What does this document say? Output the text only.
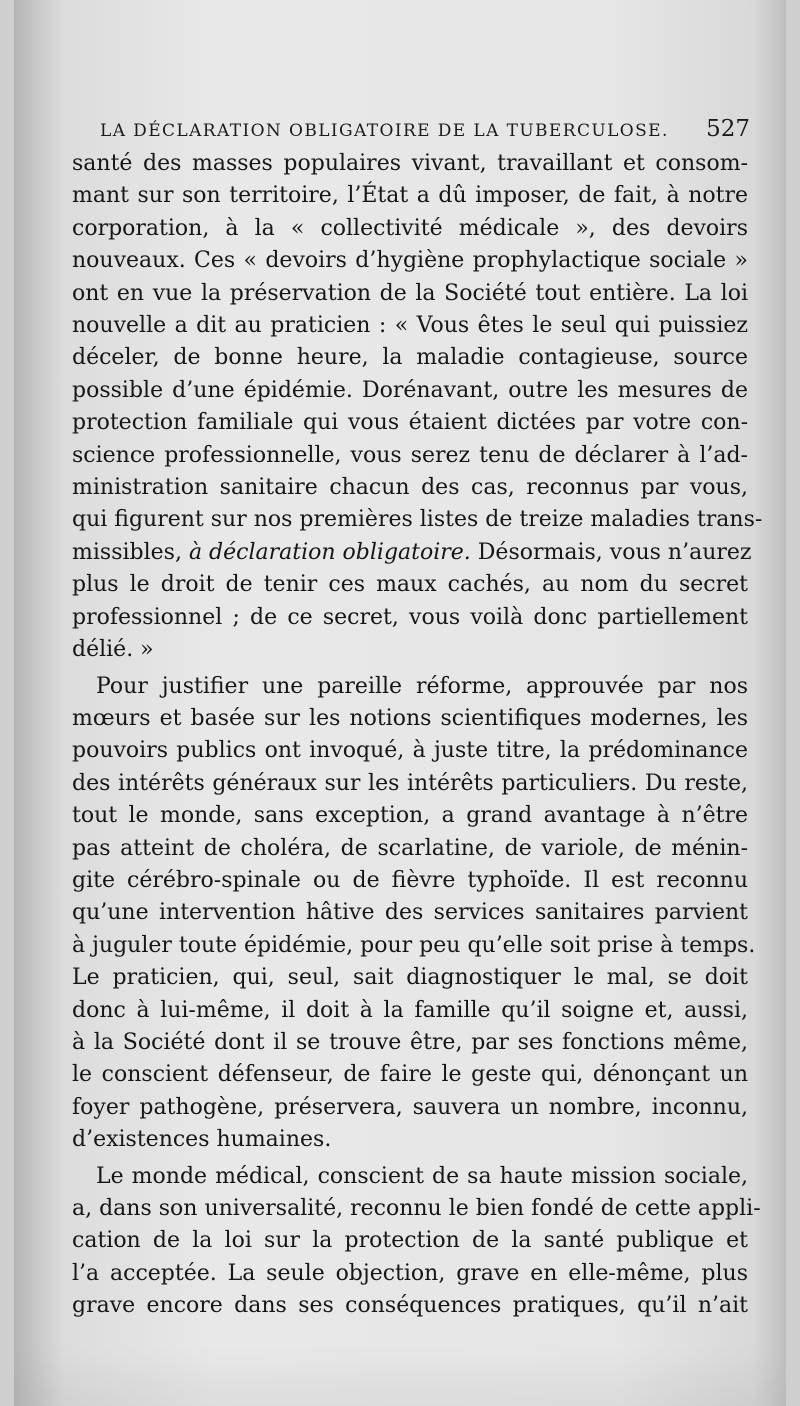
LA DÉCLARATION OBLIGATOIRE DE LA TUBERCULOSE. 527
santé des masses populaires vivant, travaillant et consom-
mant sur son territoire, l’État a dû imposer, de fait, à notre
corporation, à la « collectivité médicale », des devoirs
nouveaux. Ces « devoirs d’hygiène prophylactique sociale »
ont en vue la préservation de la Société tout entière. La loi
nouvelle a dit au praticien : « Vous êtes le seul qui puissiez
déceler, de bonne heure, la maladie contagieuse, source
possible d’une épidémie. Dorénavant, outre les mesures de
protection familiale qui vous étaient dictées par votre con-
science professionnelle, vous serez tenu de déclarer à l’ad-
ministration sanitaire chacun des cas, reconnus par vous,
qui figurent sur nos premières listes de treize maladies trans-
missibles, à déclaration obligatoire. Désormais, vous n’aurez
plus le droit de tenir ces maux cachés, au nom du secret
professionnel ; de ce secret, vous voilà donc partiellement
délié. »
Pour justifier une pareille réforme, approuvée par nos
mœurs et basée sur les notions scientifiques modernes, les
pouvoirs publics ont invoqué, à juste titre, la prédominance
des intérêts généraux sur les intérêts particuliers. Du reste,
tout le monde, sans exception, a grand avantage à n’être
pas atteint de choléra, de scarlatine, de variole, de ménin-
gite cérébro-spinale ou de fièvre typhoïde. Il est reconnu
qu’une intervention hâtive des services sanitaires parvient
à juguler toute épidémie, pour peu qu’elle soit prise à temps.
Le praticien, qui, seul, sait diagnostiquer le mal, se doit
donc à lui-même, il doit à la famille qu’il soigne et, aussi,
à la Société dont il se trouve être, par ses fonctions même,
le conscient défenseur, de faire le geste qui, dénonçant un
foyer pathogène, préservera, sauvera un nombre, inconnu,
d’existences humaines.
Le monde médical, conscient de sa haute mission sociale,
a, dans son universalité, reconnu le bien fondé de cette appli-
cation de la loi sur la protection de la santé publique et
l’a acceptée. La seule objection, grave en elle-même, plus
grave encore dans ses conséquences pratiques, qu’il n’ait
